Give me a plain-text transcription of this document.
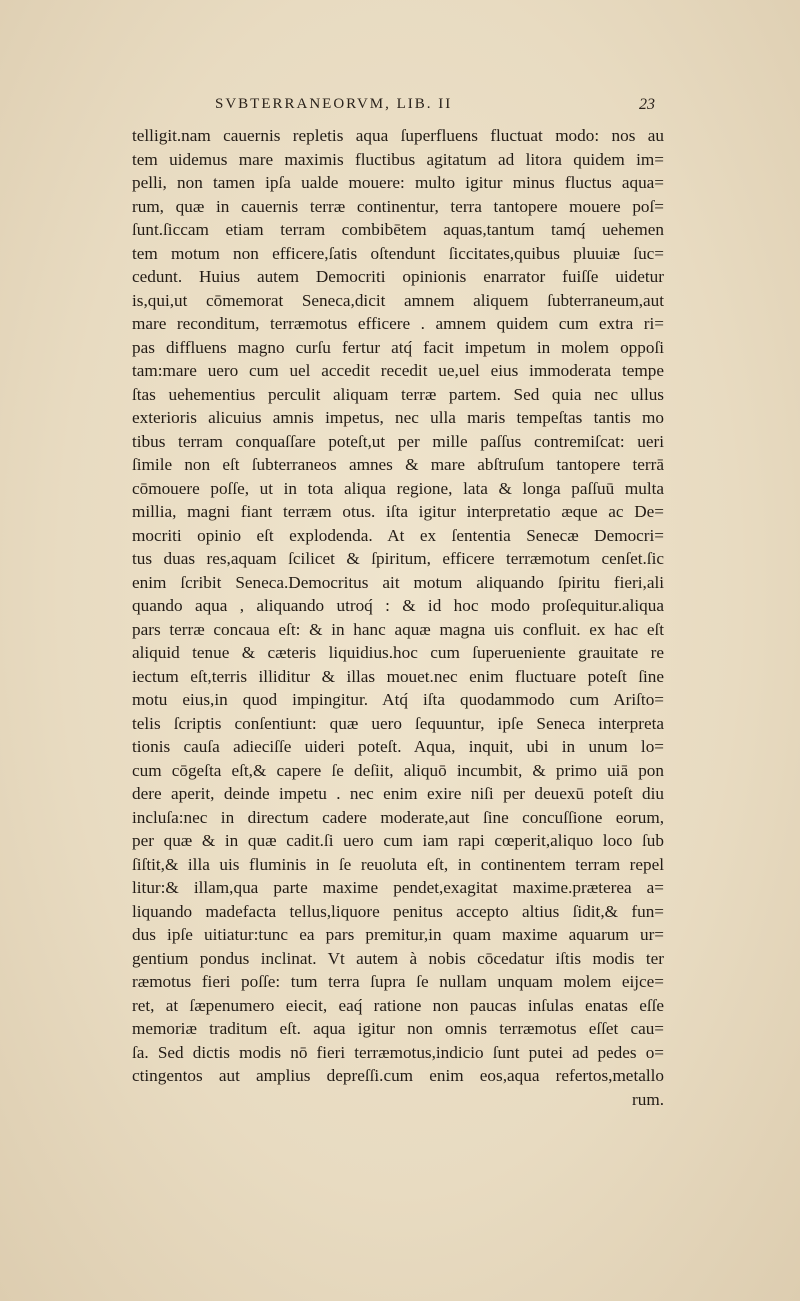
SVBTERRANEORVM, LIB. II	23
telligit.nam cauernis repletis aqua ſuperfluens fluctuat modo: nos au
tem uidemus mare maximis fluctibus agitatum ad litora quidem im=
pelli, non tamen ipſa ualde mouere: multo igitur minus fluctus aqua=
rum, quæ in cauernis terræ continentur, terra tantopere mouere poſ=
ſunt.ſiccam etiam terram combibētem aquas,tantum tamq́ uehemen
tem motum non efficere,ſatis oſtendunt ſiccitates,quibus pluuiæ ſuc=
cedunt. Huius autem Democriti opinionis enarrator fuiſſe uidetur
is,qui,ut cōmemorat Seneca,dicit amnem aliquem ſubterraneum,aut
mare reconditum, terræmotus efficere . amnem quidem cum extra ri=
pas diffluens magno curſu fertur atq́ facit impetum in molem oppoſi
tam:mare uero cum uel accedit recedit ue,uel eius immoderata tempe
ſtas uehementius perculit aliquam terræ partem. Sed quia nec ullus
exterioris alicuius amnis impetus, nec ulla maris tempeſtas tantis mo
tibus terram conquaſſare poteſt,ut per mille paſſus contremiſcat: ueri
ſimile non eſt ſubterraneos amnes & mare abſtruſum tantopere terrā
cōmouere poſſe, ut in tota aliqua regione, lata & longa paſſuū multa
millia, magni fiant terræm otus. iſta igitur interpretatio æque ac De=
mocriti opinio eſt explodenda. At ex ſententia Senecæ Democri=
tus duas res,aquam ſcilicet & ſpiritum, efficere terræmotum cenſet.ſic
enim ſcribit Seneca.Democritus ait motum aliquando ſpiritu fieri,ali
quando aqua , aliquando utroq́ : & id hoc modo proſequitur.aliqua
pars terræ concaua eſt: & in hanc aquæ magna uis confluit. ex hac eſt
aliquid tenue & cæteris liquidius.hoc cum ſuperueniente grauitate re
iectum eſt,terris illiditur & illas mouet.nec enim fluctuare poteſt ſine
motu eius,in quod impingitur. Atq́ iſta quodammodo cum Ariſto=
telis ſcriptis conſentiunt: quæ uero ſequuntur, ipſe Seneca interpreta
tionis cauſa adieciſſe uideri poteſt. Aqua, inquit, ubi in unum lo=
cum cōgeſta eſt,& capere ſe deſiit, aliquō incumbit, & primo uiā pon
dere aperit, deinde impetu . nec enim exire niſi per deuexū poteſt diu
incluſa:nec in directum cadere moderate,aut ſine concuſſione eorum,
per quæ & in quæ cadit.ſi uero cum iam rapi cœperit,aliquo loco ſub
ſiſtit,& illa uis fluminis in ſe reuoluta eſt, in continentem terram repel
litur:& illam,qua parte maxime pendet,exagitat maxime.præterea a=
liquando madefacta tellus,liquore penitus accepto altius ſidit,& fun=
dus ipſe uitiatur:tunc ea pars premitur,in quam maxime aquarum ur=
gentium pondus inclinat. Vt autem à nobis cōcedatur iſtis modis ter
ræmotus fieri poſſe: tum terra ſupra ſe nullam unquam molem eijce=
ret, at ſæpenumero eiecit, eaq́ ratione non paucas inſulas enatas eſſe
memoriæ traditum eſt. aqua igitur non omnis terræmotus eſſet cau=
ſa. Sed dictis modis nō fieri terræmotus,indicio ſunt putei ad pedes o=
ctingentos aut amplius depreſſi.cum enim eos,aqua refertos,metallo
rum.
